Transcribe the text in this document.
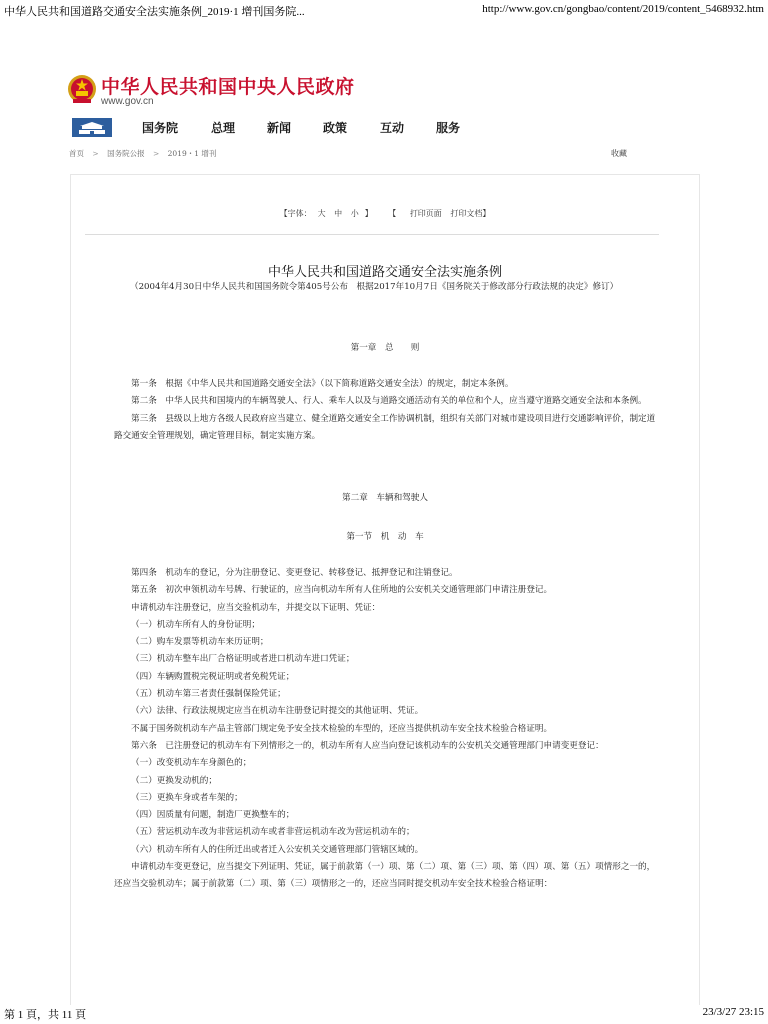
中华人民共和国道路交通安全法实施条例_2019·1 增刊国务院...	http://www.gov.cn/gongbao/content/2019/content_5468932.htm
中华人民共和国中央人民政府
www.gov.cn
国务院	总理	新闻	政策	互动	服务
首页 > 国务院公报 > 2019・1 增刊	收藏
【字体： 大 中 小 】 【 打印页面 打印文档】
中华人民共和国道路交通安全法实施条例
（2004年4月30日中华人民共和国国务院令第405号公布　根据2017年10月7日《国务院关于修改部分行政法规的决定》修订）
第一章　总　　则

第一条　根据《中华人民共和国道路交通安全法》（以下简称道路交通安全法）的规定，制定本条例。

第二条　中华人民共和国境内的车辆驾驶人、行人、乘车人以及与道路交通活动有关的单位和个人，应当遵守道路交通安全法和本条例。

第三条　县级以上地方各级人民政府应当建立、健全道路交通安全工作协调机制，组织有关部门对城市建设项目进行交通影响评价，制定道路交通安全管理规划，确定管理目标，制定实施方案。

第二章　车辆和驾驶人
第一节　机　动　车

第四条　机动车的登记，分为注册登记、变更登记、转移登记、抵押登记和注销登记。

第五条　初次申领机动车号牌、行驶证的，应当向机动车所有人住所地的公安机关交通管理部门申请注册登记。

申请机动车注册登记，应当交验机动车，并提交以下证明、凭证：

（一）机动车所有人的身份证明；

（二）购车发票等机动车来历证明；

（三）机动车整车出厂合格证明或者进口机动车进口凭证；

（四）车辆购置税完税证明或者免税凭证；

（五）机动车第三者责任强制保险凭证；

（六）法律、行政法规规定应当在机动车注册登记时提交的其他证明、凭证。

不属于国务院机动车产品主管部门规定免予安全技术检验的车型的，还应当提供机动车安全技术检验合格证明。

第六条　已注册登记的机动车有下列情形之一的，机动车所有人应当向登记该机动车的公安机关交通管理部门申请变更登记：

（一）改变机动车车身颜色的；

（二）更换发动机的；

（三）更换车身或者车架的；

（四）因质量有问题，制造厂更换整车的；

（五）营运机动车改为非营运机动车或者非营运机动车改为营运机动车的；

（六）机动车所有人的住所迁出或者迁入公安机关交通管理部门管辖区域的。

申请机动车变更登记，应当提交下列证明、凭证，属于前款第（一）项、第（二）项、第（三）项、第（四）项、第（五）项情形之一的，还应当交验机动车；属于前款第（二）项、第（三）项情形之一的，还应当同时提交机动车安全技术检验合格证明：

第 1 頁，共 11 頁	23/3/27 23:15
